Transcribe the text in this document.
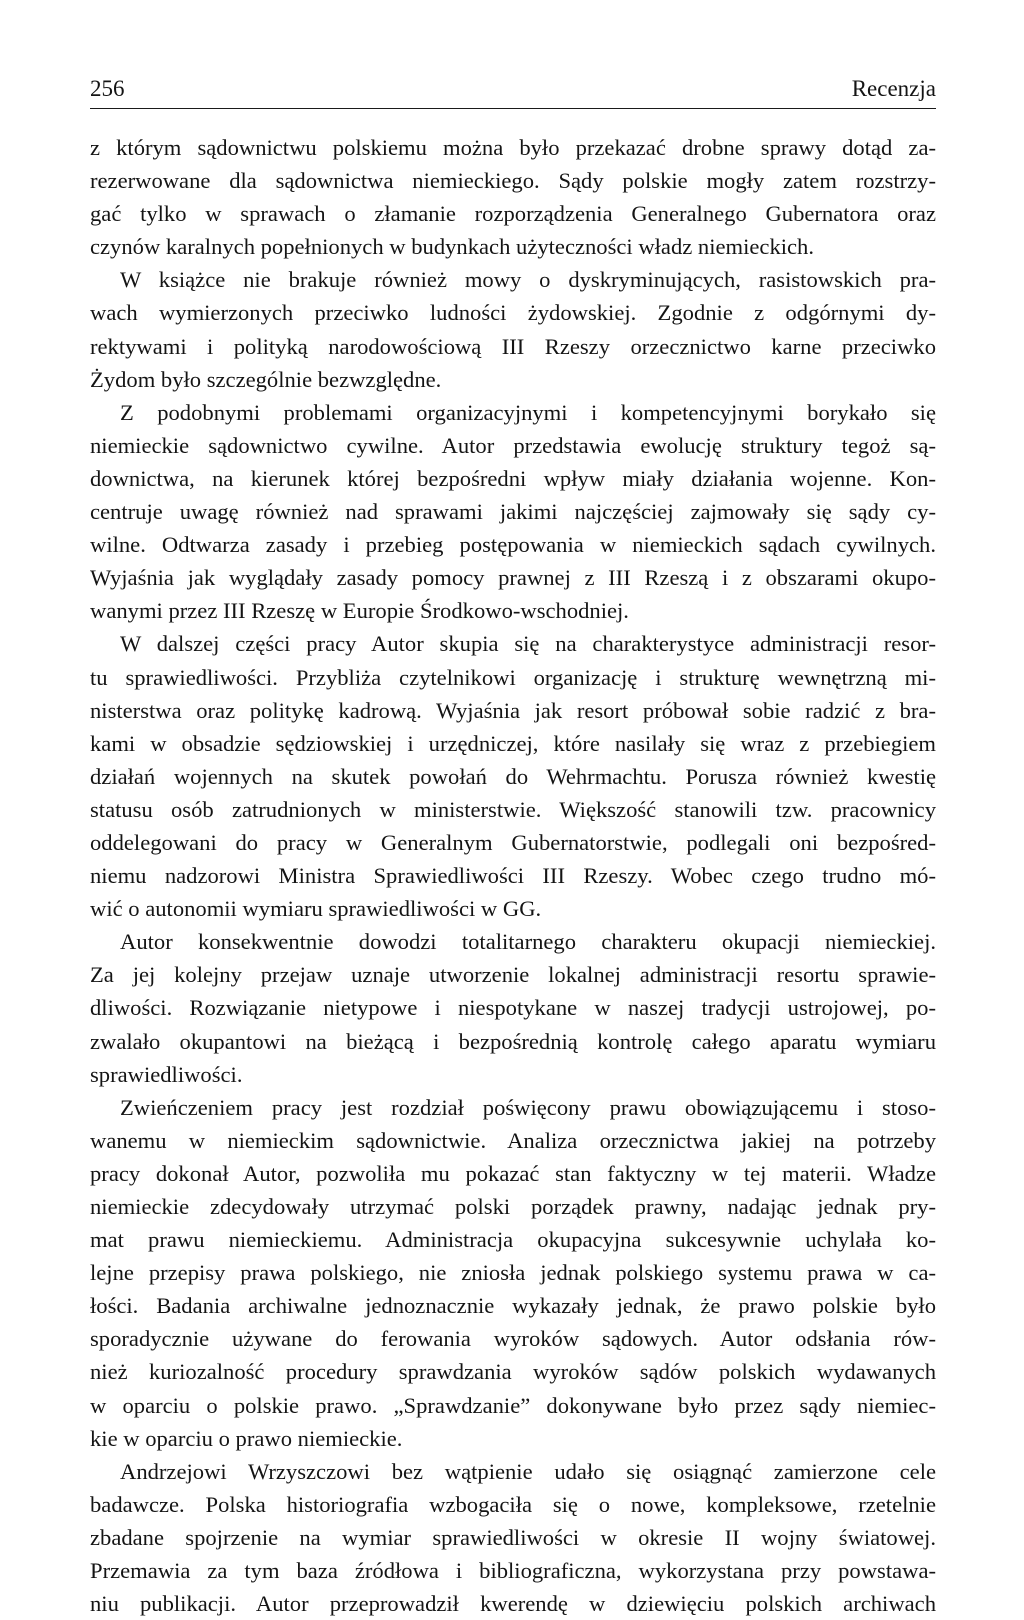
256	Recenzja
z którym sądownictwu polskiemu można było przekazać drobne sprawy dotąd za-
rezerwowane dla sądownictwa niemieckiego. Sądy polskie mogły zatem rozstrzy-
gać tylko w sprawach o złamanie rozporządzenia Generalnego Gubernatora oraz
czynów karalnych popełnionych w budynkach użyteczności władz niemieckich.
W książce nie brakuje również mowy o dyskryminujących, rasistowskich pra-
wach wymierzonych przeciwko ludności żydowskiej. Zgodnie z odgórnymi dy-
rektywami i polityką narodowościową III Rzeszy orzecznictwo karne przeciwko
Żydom było szczególnie bezwzględne.
Z podobnymi problemami organizacyjnymi i kompetencyjnymi borykało się
niemieckie sądownictwo cywilne. Autor przedstawia ewolucję struktury tegoż są-
downictwa, na kierunek której bezpośredni wpływ miały działania wojenne. Kon-
centruje uwagę również nad sprawami jakimi najczęściej zajmowały się sądy cy-
wilne. Odtwarza zasady i przebieg postępowania w niemieckich sądach cywilnych.
Wyjaśnia jak wyglądały zasady pomocy prawnej z III Rzeszą i z obszarami okupo-
wanymi przez III Rzeszę w Europie Środkowo-wschodniej.
W dalszej części pracy Autor skupia się na charakterystyce administracji resor-
tu sprawiedliwości. Przybliża czytelnikowi organizację i strukturę wewnętrzną mi-
nisterstwa oraz politykę kadrową. Wyjaśnia jak resort próbował sobie radzić z bra-
kami w obsadzie sędziowskiej i urzędniczej, które nasilały się wraz z przebiegiem
działań wojennych na skutek powołań do Wehrmachtu. Porusza również kwestię
statusu osób zatrudnionych w ministerstwie. Większość stanowili tzw. pracownicy
oddelegowani do pracy w Generalnym Gubernatorstwie, podlegali oni bezpośred-
niemu nadzorowi Ministra Sprawiedliwości III Rzeszy. Wobec czego trudno mó-
wić o autonomii wymiaru sprawiedliwości w GG.
Autor konsekwentnie dowodzi totalitarnego charakteru okupacji niemieckiej.
Za jej kolejny przejaw uznaje utworzenie lokalnej administracji resortu sprawie-
dliwości. Rozwiązanie nietypowe i niespotykane w naszej tradycji ustrojowej, po-
zwalało okupantowi na bieżącą i bezpośrednią kontrolę całego aparatu wymiaru
sprawiedliwości.
Zwieńczeniem pracy jest rozdział poświęcony prawu obowiązującemu i stoso-
wanemu w niemieckim sądownictwie. Analiza orzecznictwa jakiej na potrzeby
pracy dokonał Autor, pozwoliła mu pokazać stan faktyczny w tej materii. Władze
niemieckie zdecydowały utrzymać polski porządek prawny, nadając jednak pry-
mat prawu niemieckiemu. Administracja okupacyjna sukcesywnie uchylała ko-
lejne przepisy prawa polskiego, nie zniosła jednak polskiego systemu prawa w ca-
łości. Badania archiwalne jednoznacznie wykazały jednak, że prawo polskie było
sporadycznie używane do ferowania wyroków sądowych. Autor odsłania rów-
nież kuriozalność procedury sprawdzania wyroków sądów polskich wydawanych
w oparciu o polskie prawo. „Sprawdzanie” dokonywane było przez sądy niemiec-
kie w oparciu o prawo niemieckie.
Andrzejowi Wrzyszczowi bez wątpienie udało się osiągnąć zamierzone cele
badawcze. Polska historiografia wzbogaciła się o nowe, kompleksowe, rzetelnie
zbadane spojrzenie na wymiar sprawiedliwości w okresie II wojny światowej.
Przemawia za tym baza źródłowa i bibliograficzna, wykorzystana przy powstawa-
niu publikacji. Autor przeprowadził kwerendę w dziewięciu polskich archiwach
